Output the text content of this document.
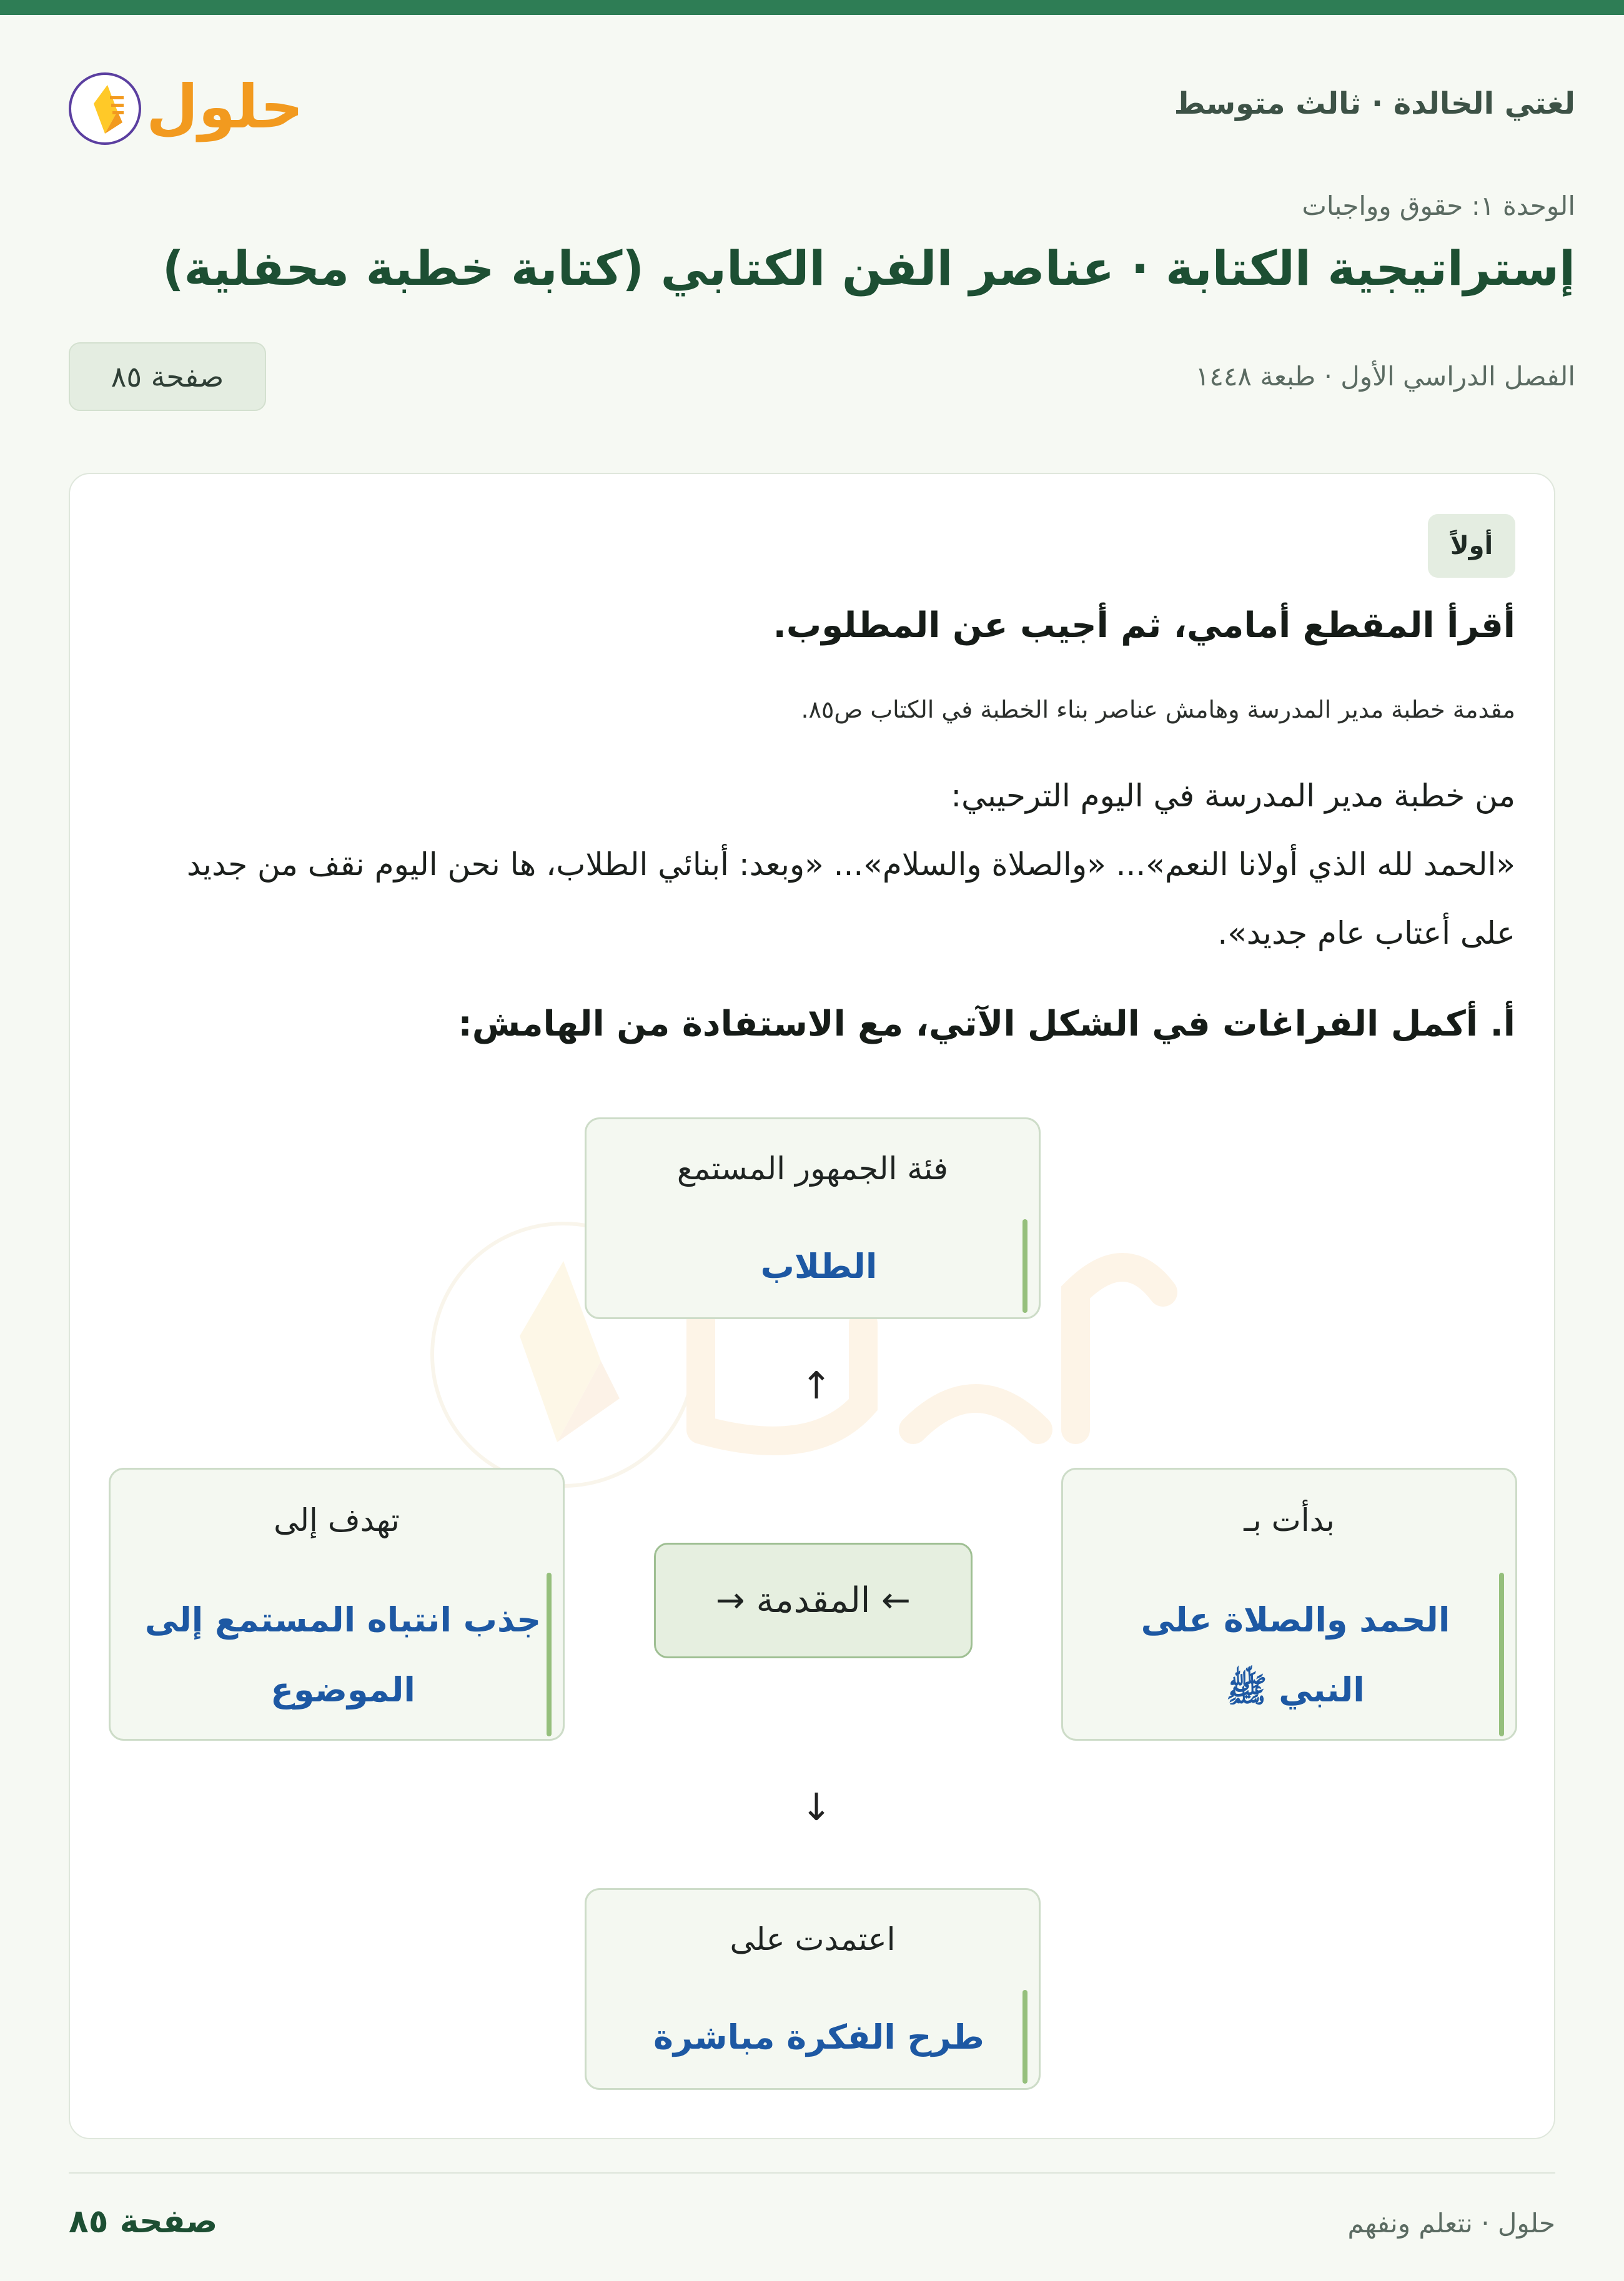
لغتي الخالدة · ثالث متوسط
حلول
الوحدة ١: حقوق وواجبات
إستراتيجية الكتابة · عناصر الفن الكتابي (كتابة خطبة محفلية)
الفصل الدراسي الأول · طبعة ١٤٤٨
صفحة ٨٥
أولاً
أقرأ المقطع أمامي، ثم أجيب عن المطلوب.
مقدمة خطبة مدير المدرسة وهامش عناصر بناء الخطبة في الكتاب ص٨٥.

من خطبة مدير المدرسة في اليوم الترحيبي:

«الحمد لله الذي أولانا النعم»... «والصلاة والسلام»... «وبعد: أبنائي الطلاب، ها نحن اليوم نقف من جديد على أعتاب عام جديد».

أ. أكمل الفراغات في الشكل الآتي، مع الاستفادة من الهامش:
فئة الجمهور المستمع
الطلاب
↑
بدأت بـ
الحمد والصلاة على النبي ﷺ
← المقدمة →
تهدف إلى
جذب انتباه المستمع إلى الموضوع
↓
اعتمدت على
طرح الفكرة مباشرة
صفحة ٨٥	حلول · نتعلم ونفهم
